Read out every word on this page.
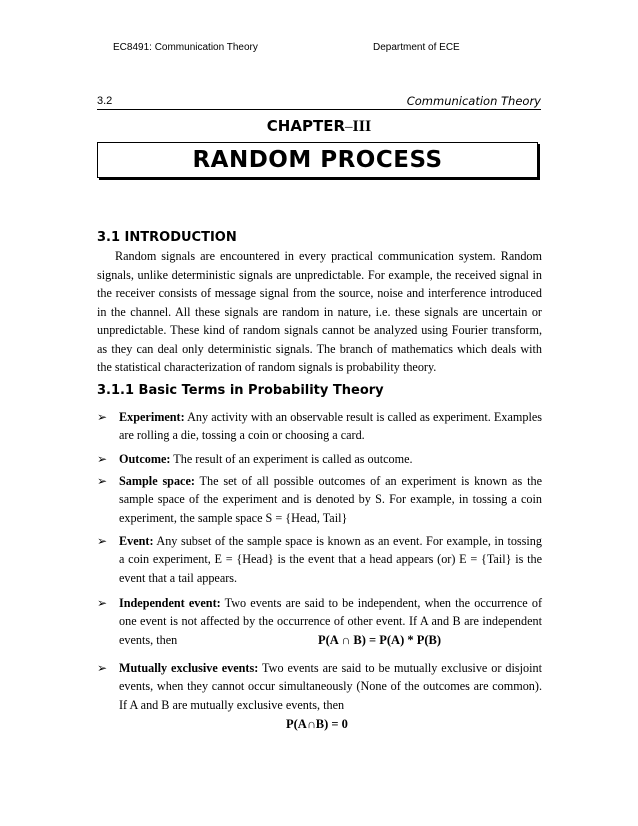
EC8491: Communication Theory	Department of ECE
3.2	Communication Theory
CHAPTER–III
RANDOM PROCESS
3.1 INTRODUCTION

Random signals are encountered in every practical communication system. Random signals, unlike deterministic signals are unpredictable. For example, the received signal in the receiver consists of message signal from the source, noise and interference introduced in the channel. All these signals are random in nature, i.e. these signals are uncertain or unpredictable. These kind of random signals cannot be analyzed using Fourier transform, as they can deal only deterministic signals. The branch of mathematics which deals with the statistical characterization of random signals is probability theory.

3.1.1 Basic Terms in Probability Theory
➢ Experiment: Any activity with an observable result is called as experiment. Examples are rolling a die, tossing a coin or choosing a card.
➢ Outcome: The result of an experiment is called as outcome.
➢ Sample space: The set of all possible outcomes of an experiment is known as the sample space of the experiment and is denoted by S. For example, in tossing a coin experiment, the sample space S = {Head, Tail}
➢ Event: Any subset of the sample space is known as an event. For example, in tossing a coin experiment, E = {Head} is the event that a head appears (or) E = {Tail} is the event that a tail appears.
➢ Independent event: Two events are said to be independent, when the occurrence of one event is not affected by the occurrence of other event. If A and B are independent events, then	P(A ∩ B) = P(A) * P(B)
➢ Mutually exclusive events: Two events are said to be mutually exclusive or disjoint events, when they cannot occur simultaneously (None of the outcomes are common). If A and B are mutually exclusive events, then
P(A∩B) = 0
